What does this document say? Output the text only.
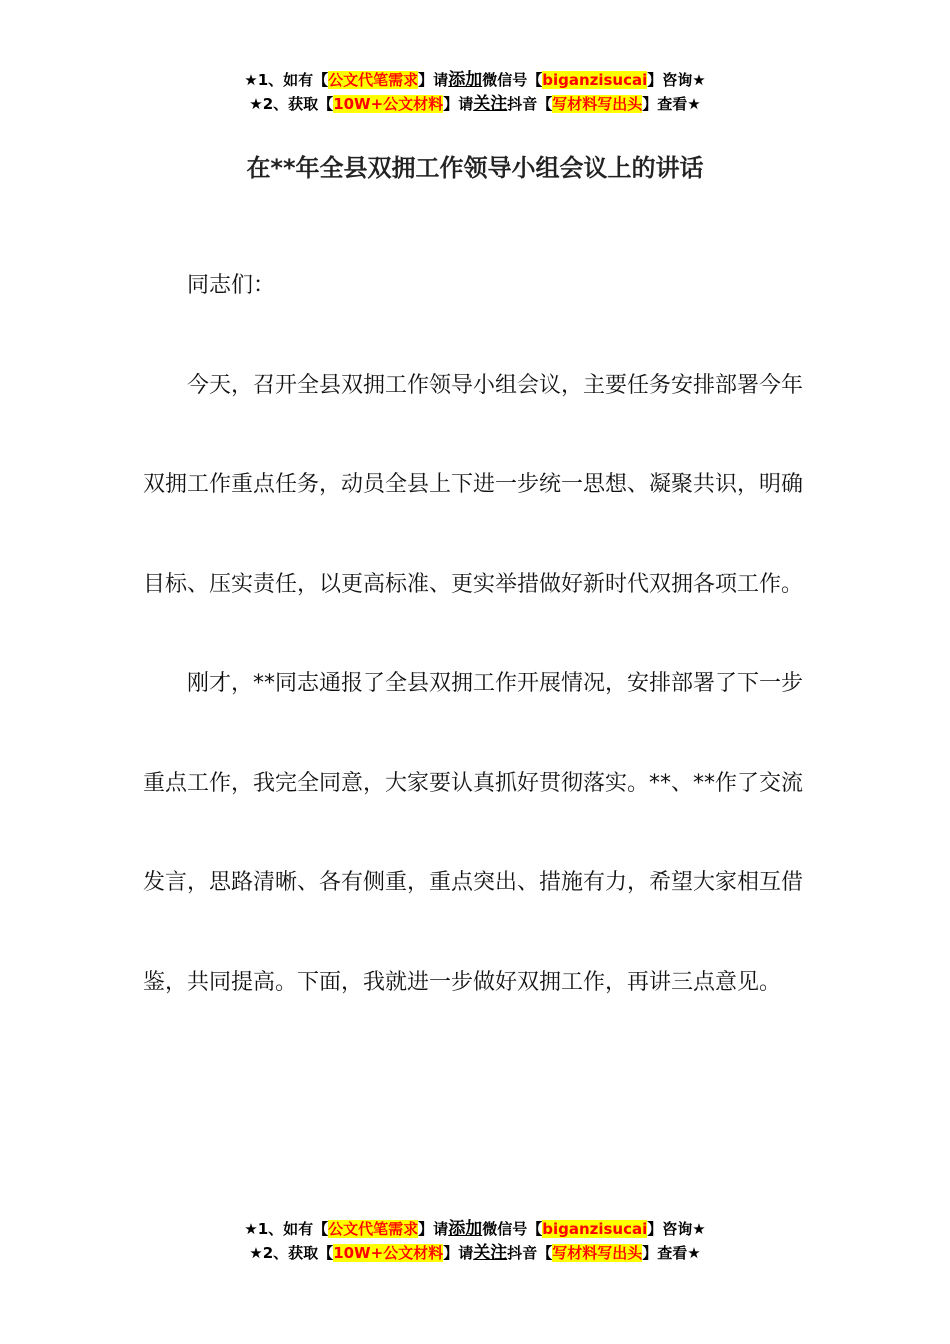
★1、如有【公文代笔需求】请添加微信号【biganzisucai】咨询★
★2、获取【10W+公文材料】请关注抖音【写材料写出头】查看★
在**年全县双拥工作领导小组会议上的讲话

同志们：

今天，召开全县双拥工作领导小组会议，主要任务安排部署今年双拥工作重点任务，动员全县上下进一步统一思想、凝聚共识，明确目标、压实责任，以更高标准、更实举措做好新时代双拥各项工作。

刚才，**同志通报了全县双拥工作开展情况，安排部署了下一步重点工作，我完全同意，大家要认真抓好贯彻落实。**、**作了交流发言，思路清晰、各有侧重，重点突出、措施有力，希望大家相互借鉴，共同提高。下面，我就进一步做好双拥工作，再讲三点意见。

★1、如有【公文代笔需求】请添加微信号【biganzisucai】咨询★
★2、获取【10W+公文材料】请关注抖音【写材料写出头】查看★
